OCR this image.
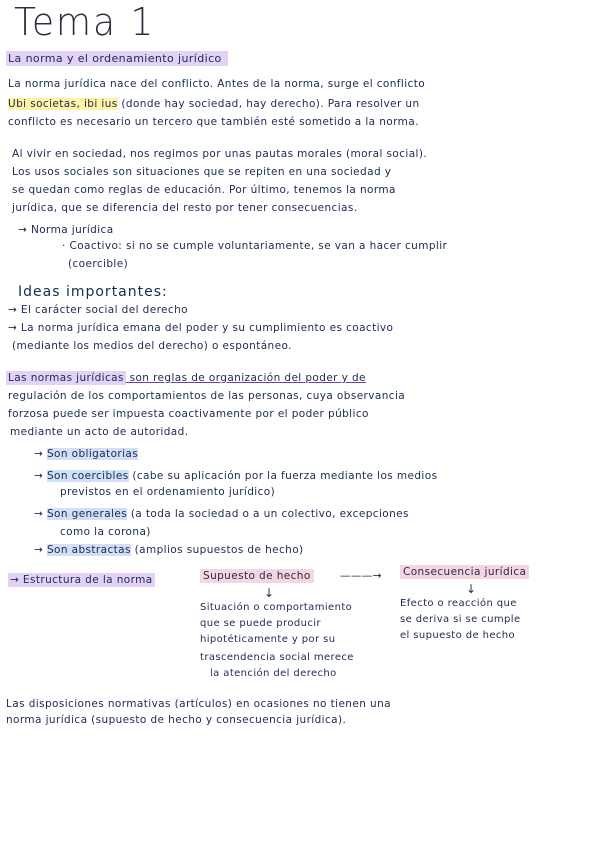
Tema 1
La norma y el ordenamiento jurídico
La norma jurídica nace del conflicto. Antes de la norma, surge el conflicto
Ubi societas, ibi ius (donde hay sociedad, hay derecho). Para resolver un
conflicto es necesario un tercero que también esté sometido a la norma.
Al vivir en sociedad, nos regimos por unas pautas morales (moral social).
Los usos sociales son situaciones que se repiten en una sociedad y
se quedan como reglas de educación. Por último, tenemos la norma
jurídica, que se diferencia del resto por tener consecuencias.
→ Norma jurídica
· Coactivo: si no se cumple voluntariamente, se van a hacer cumplir
(coercible)
Ideas importantes:
→ El carácter social del derecho
→ La norma jurídica emana del poder y su cumplimiento es coactivo
(mediante los medios del derecho) o espontáneo.
Las normas jurídicas son reglas de organización del poder y de
regulación de los comportamientos de las personas, cuya observancia
forzosa puede ser impuesta coactivamente por el poder público
mediante un acto de autoridad.
→ Son obligatorias
→ Son coercibles (cabe su aplicación por la fuerza mediante los medios
previstos en el ordenamiento jurídico)
→ Son generales (a toda la sociedad o a un colectivo, excepciones
como la corona)
→ Son abstractas (amplios supuestos de hecho)
→ Estructura de la norma	Supuesto de hecho	———→ Consecuencia jurídica
↓	↓
Situación o comportamiento
que se puede producir
hipotéticamente y por su
trascendencia social merece
la atención del derecho
Efecto o reacción que
se deriva si se cumple
el supuesto de hecho
Las disposiciones normativas (artículos) en ocasiones no tienen una
norma jurídica (supuesto de hecho y consecuencia jurídica).
